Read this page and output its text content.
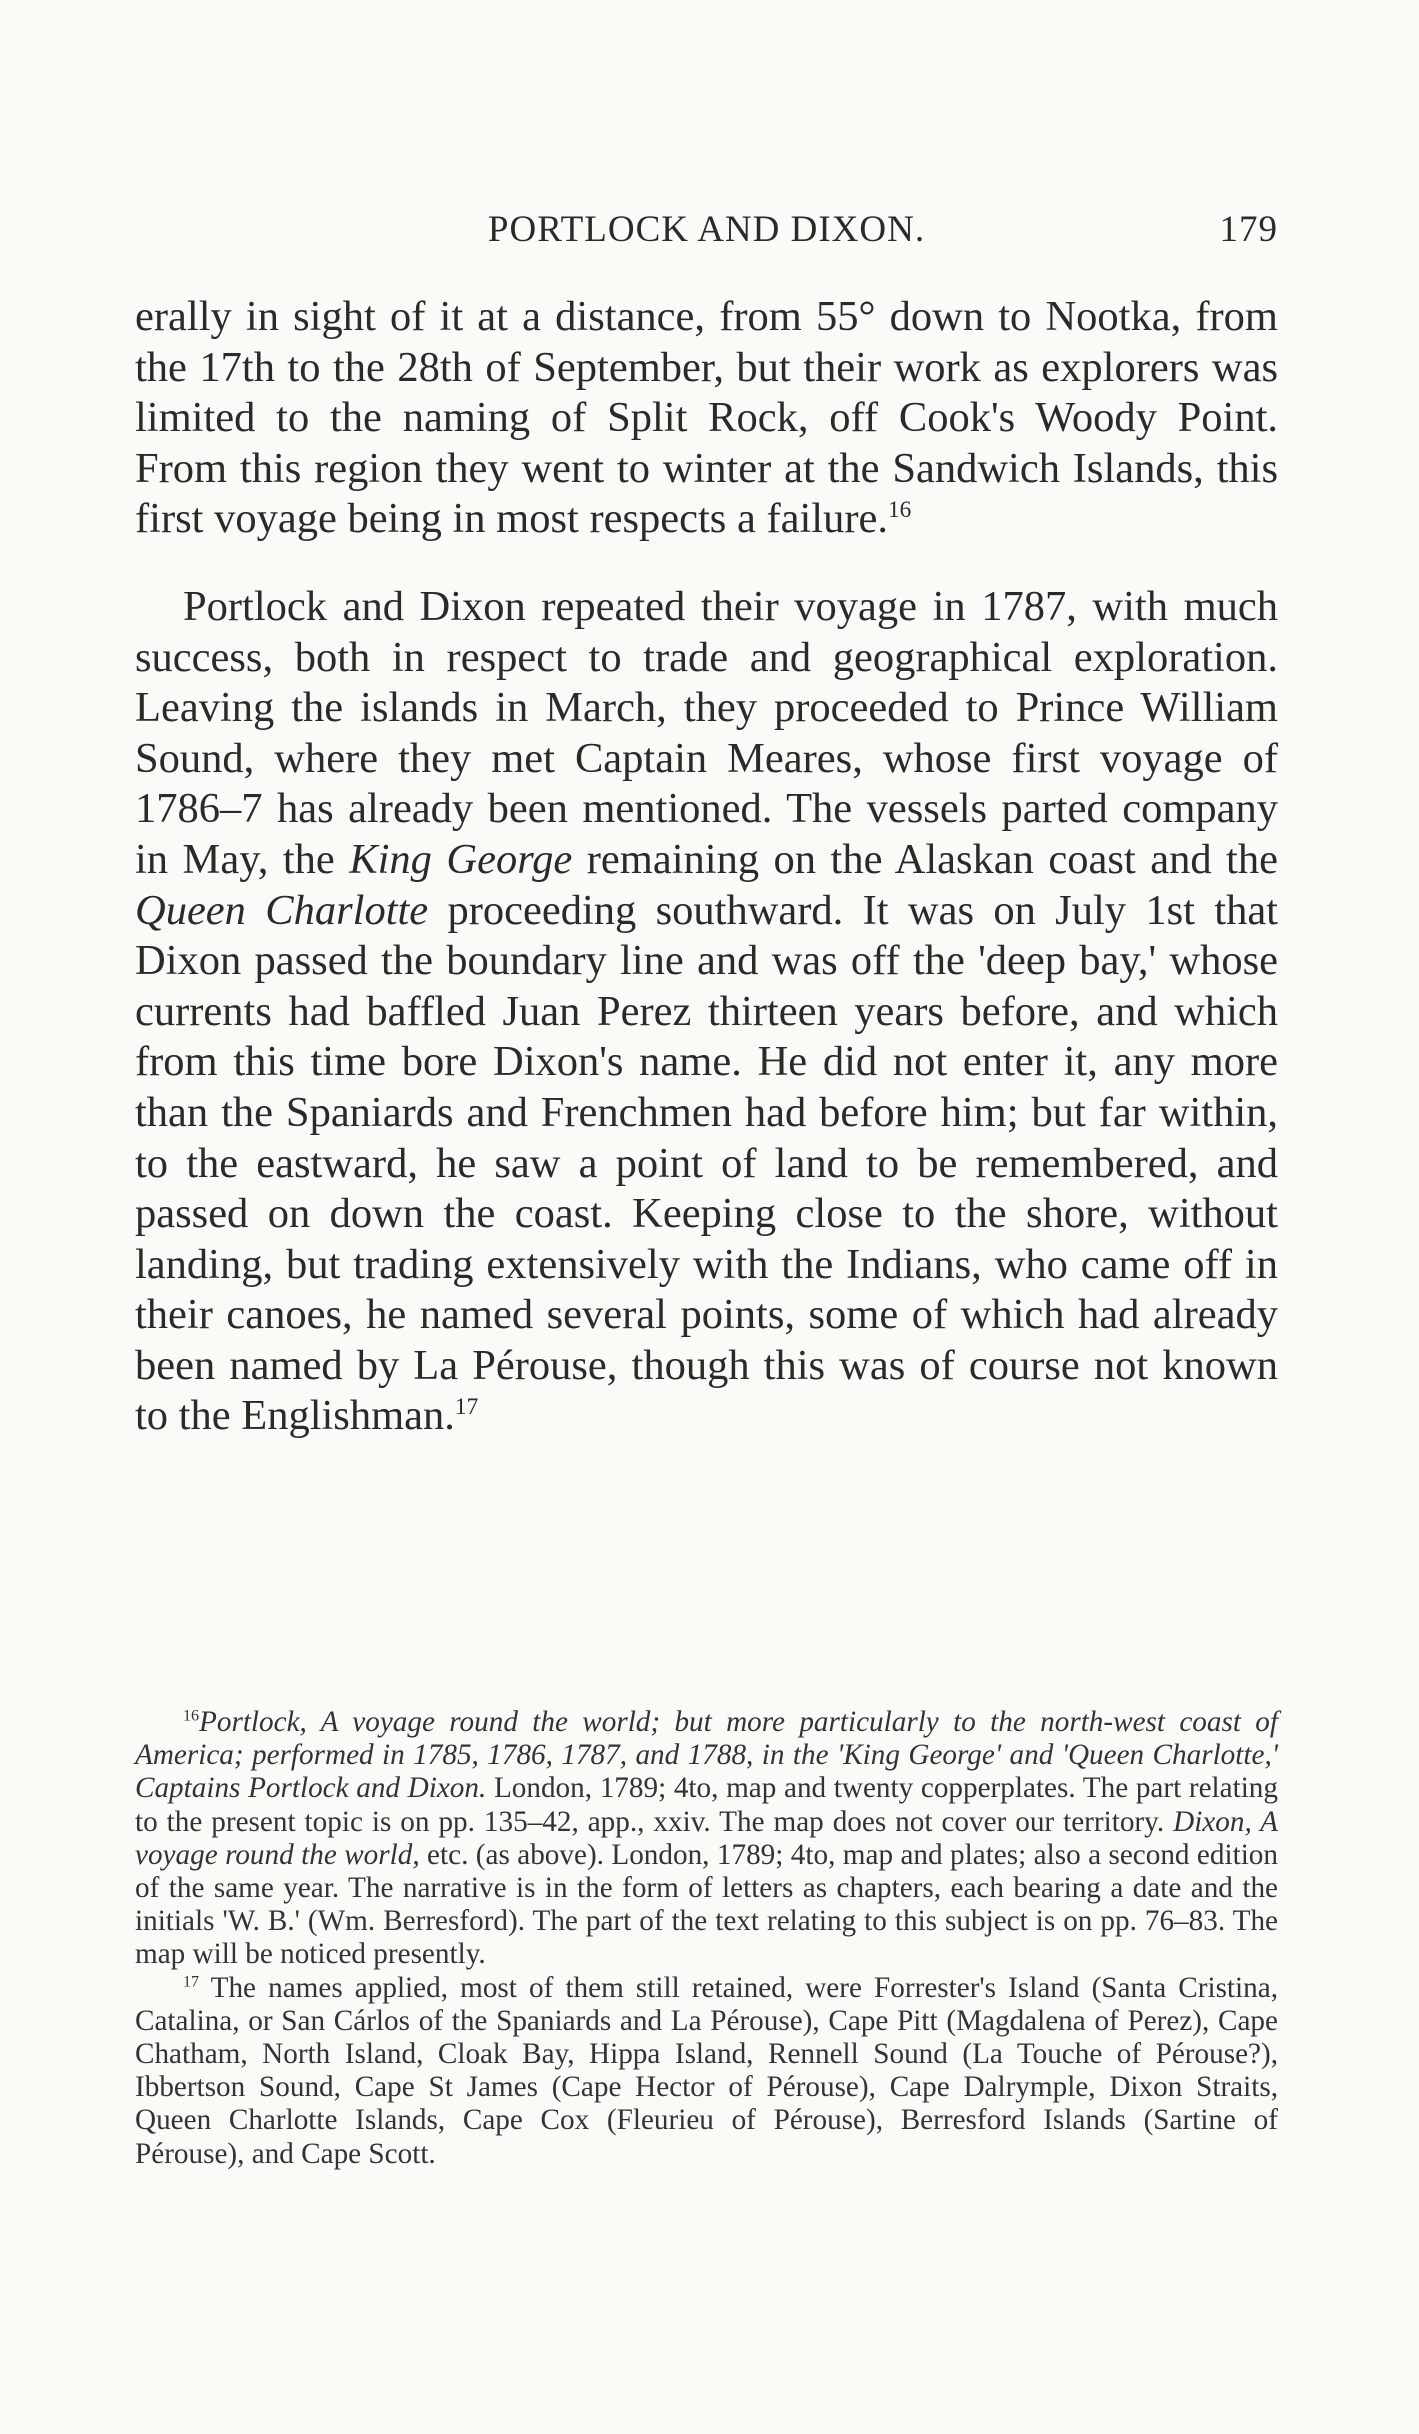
PORTLOCK AND DIXON.	179

erally in sight of it at a distance, from 55° down to Nootka, from the 17th to the 28th of September, but their work as explorers was limited to the naming of Split Rock, off Cook's Woody Point. From this region they went to winter at the Sandwich Islands, this first voyage being in most respects a failure.$^{16}$

Portlock and Dixon repeated their voyage in 1787, with much success, both in respect to trade and geographical exploration. Leaving the islands in March, they proceeded to Prince William Sound, where they met Captain Meares, whose first voyage of 1786–7 has already been mentioned. The vessels parted company in May, the King George remaining on the Alaskan coast and the Queen Charlotte proceeding southward. It was on July 1st that Dixon passed the boundary line and was off the 'deep bay,' whose currents had baffled Juan Perez thirteen years before, and which from this time bore Dixon's name. He did not enter it, any more than the Spaniards and Frenchmen had before him; but far within, to the eastward, he saw a point of land to be remembered, and passed on down the coast. Keeping close to the shore, without landing, but trading extensively with the Indians, who came off in their canoes, he named several points, some of which had already been named by La Pérouse, though this was of course not known to the Englishman.$^{17}$

$^{16}$Portlock, A voyage round the world; but more particularly to the north-west coast of America; performed in 1785, 1786, 1787, and 1788, in the 'King George' and 'Queen Charlotte,' Captains Portlock and Dixon. London, 1789; 4to, map and twenty copperplates. The part relating to the present topic is on pp. 135–42, app., xxiv. The map does not cover our territory. Dixon, A voyage round the world, etc. (as above). London, 1789; 4to, map and plates; also a second edition of the same year. The narrative is in the form of letters as chapters, each bearing a date and the initials 'W. B.' (Wm. Berresford). The part of the text relating to this subject is on pp. 76–83. The map will be noticed presently.

$^{17}$ The names applied, most of them still retained, were Forrester's Island (Santa Cristina, Catalina, or San Cárlos of the Spaniards and La Pérouse), Cape Pitt (Magdalena of Perez), Cape Chatham, North Island, Cloak Bay, Hippa Island, Rennell Sound (La Touche of Pérouse?), Ibbertson Sound, Cape St James (Cape Hector of Pérouse), Cape Dalrymple, Dixon Straits, Queen Charlotte Islands, Cape Cox (Fleurieu of Pérouse), Berresford Islands (Sartine of Pérouse), and Cape Scott.
